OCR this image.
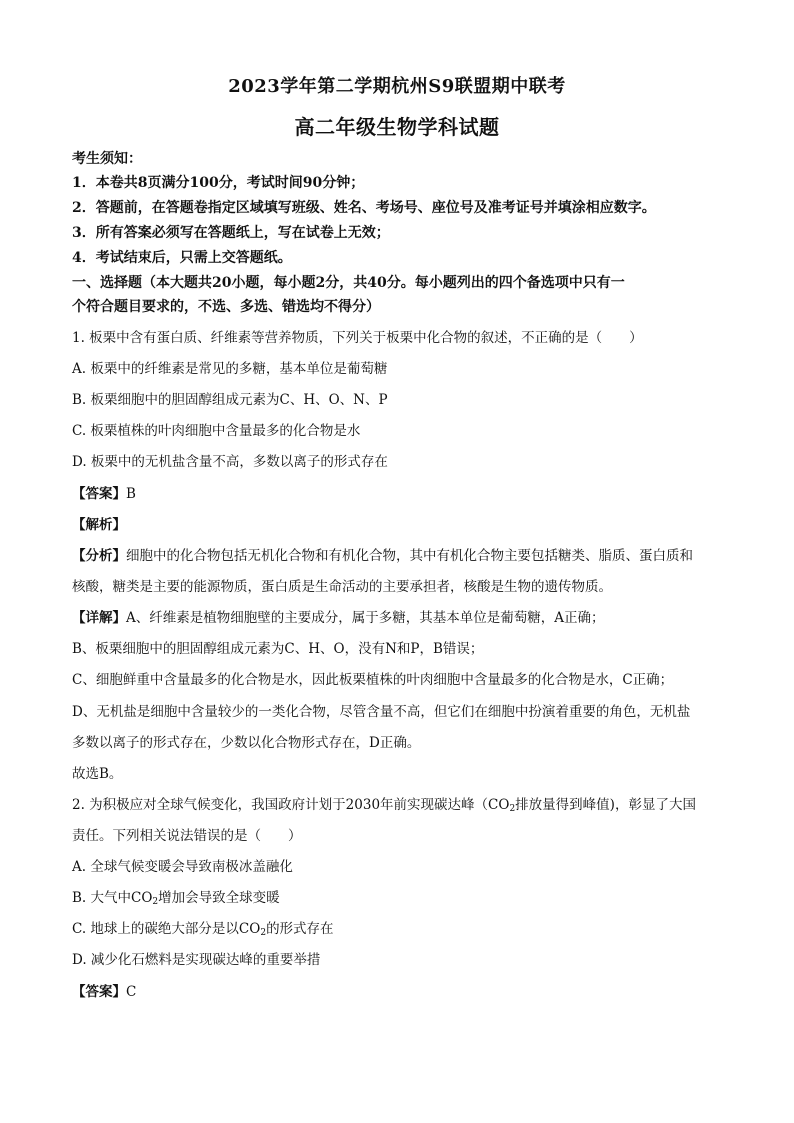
2023学年第二学期杭州S9联盟期中联考
高二年级生物学科试题
考生须知：
1．本卷共8页满分100分，考试时间90分钟；
2．答题前，在答题卷指定区域填写班级、姓名、考场号、座位号及准考证号并填涂相应数字。
3．所有答案必须写在答题纸上，写在试卷上无效；
4．考试结束后，只需上交答题纸。
一、选择题（本大题共20小题，每小题2分，共40分。每小题列出的四个备选项中只有一
个符合题目要求的，不选、多选、错选均不得分）
1. 板栗中含有蛋白质、纤维素等营养物质，下列关于板栗中化合物的叙述，不正确的是（　　）
A. 板栗中的纤维素是常见的多糖，基本单位是葡萄糖
B. 板栗细胞中的胆固醇组成元素为C、H、O、N、P
C. 板栗植株的叶肉细胞中含量最多的化合物是水
D. 板栗中的无机盐含量不高，多数以离子的形式存在
【答案】B
【解析】
【分析】细胞中的化合物包括无机化合物和有机化合物，其中有机化合物主要包括糖类、脂质、蛋白质和
核酸，糖类是主要的能源物质，蛋白质是生命活动的主要承担者，核酸是生物的遗传物质。
【详解】A、纤维素是植物细胞壁的主要成分，属于多糖，其基本单位是葡萄糖，A正确；
B、板栗细胞中的胆固醇组成元素为C、H、O，没有N和P，B错误；
C、细胞鲜重中含量最多的化合物是水，因此板栗植株的叶肉细胞中含量最多的化合物是水，C正确；
D、无机盐是细胞中含量较少的一类化合物，尽管含量不高，但它们在细胞中扮演着重要的角色，无机盐
多数以离子的形式存在，少数以化合物形式存在，D正确。
故选B。
2. 为积极应对全球气候变化，我国政府计划于2030年前实现碳达峰（$CO_2$排放量得到峰值)，彰显了大国
责任。下列相关说法错误的是（　　）
A. 全球气候变暖会导致南极冰盖融化
B. 大气中$CO_2$增加会导致全球变暖
C. 地球上的碳绝大部分是以$CO_2$的形式存在
D. 减少化石燃料是实现碳达峰的重要举措
【答案】C
